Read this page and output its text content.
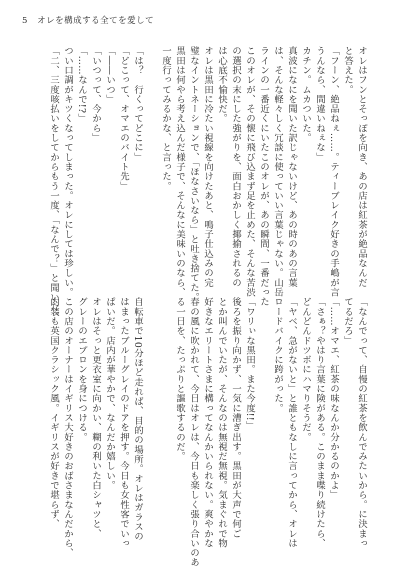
5 オレを構成する全てを愛して

オレはフンとそっぽを向き、あの店は紅茶が絶品なんだ

と答えた。

「フーン、絶品ねぇ……。ティーブレイク好きの手嶋が言

うんなら、間違いねぇな」

カチン。ムカついた。

真波になにを聞いた訳じゃないけど、あの時のあの言葉

は、そんな軽々しく冗談に使っていい言葉じゃない。山岳

ラインの一番近くにいたこのオレが、あの瞬間、一番だった

このオレが、その懐に飛び込まず足を止めた、そんな苦渋

の選択の末にした強がりを、面白おかしく揶揄されるの

は心底不愉快だ。

オレは黒田に冷たい視線を向けたあと、鳴子仕込みの完

璧なイントネーションで、「ほなさいなら」と吐き捨てた。

黒田は何やら考え込んだ様子で、そんなに美味いのなら、

一度行ってみるかな、と言った。

「は？　行くってどこに」

「どこって、オマエのバイト先」

「――いつ」

「いつって、今から」

「……なんで!?」

つい口調がキツくなってしまった。オレにしては珍しい。

「二、三度咳払いをしてからもう一度、「なんで？」と聞いた。

「なんでって、自慢の紅茶を飲んでみたいから。に決まっ

てるだろ」

「……オマエ、紅茶の味なんか分かるのかよ」

「さぁ？やはり言葉に険がある。このまま喋り続けたら、

どんどんドツボにハマりそうだ。

「ヤベ、急がないと」と誰ともなしに言ってから、オレは

ロードバイクに跨がった。

「ワリぃな黒田。また今度!!」

後ろを振り向かず、一気に漕ぎ出す。黒田が大声で何ご

とか叫んでいたが、そんなのは無視だ無視。気まぐれで物

好きなエリートさまに構ってなんかいられない。爽やかな

春の風に吹かれて、今日はオレは、今日も楽しく張り合いのあ

る一日を、たっぷりと謳歌するのだ。

自転車で10分ほど走れば、目的の場所。オレはガラスの

はまったブルーグレイのドアを押す。今日も女性客でいっ

ぱいだ。店内が華やかで、なんだか嬉しい。

オレはそっと更衣室に向かい、糊の利いた白シャツと、

グレーのエプロンを身につける。

この店のオーナーはイギリス大好きのおばさまなんだから、

内装も英国クラシック風。イギリスが好きで堪らず、
